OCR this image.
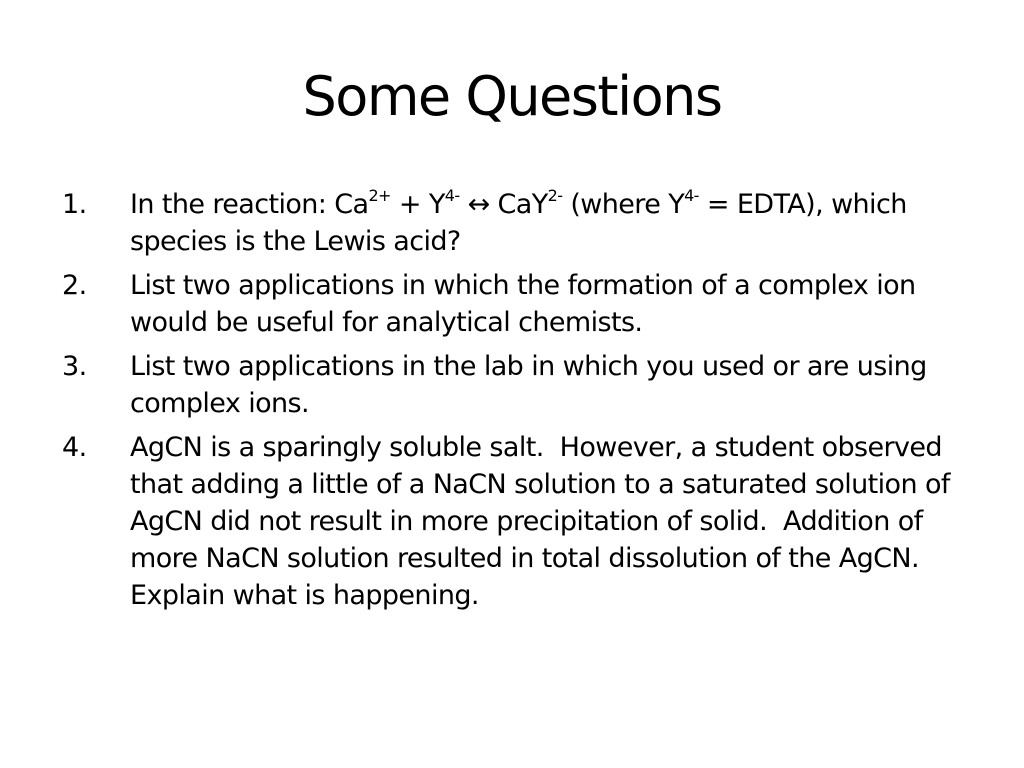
Some Questions
1. In the reaction: $Ca^{2+} + Y^{4-}$ ↔ CaY$^{2-}$ (where $Y^{4-}$ = EDTA), which species is the Lewis acid?
2. List two applications in which the formation of a complex ion would be useful for analytical chemists.
3. List two applications in the lab in which you used or are using complex ions.
4. AgCN is a sparingly soluble salt.  However, a student observed that adding a little of a NaCN solution to a saturated solution of AgCN did not result in more precipitation of solid.  Addition of more NaCN solution resulted in total dissolution of the AgCN.  Explain what is happening.
